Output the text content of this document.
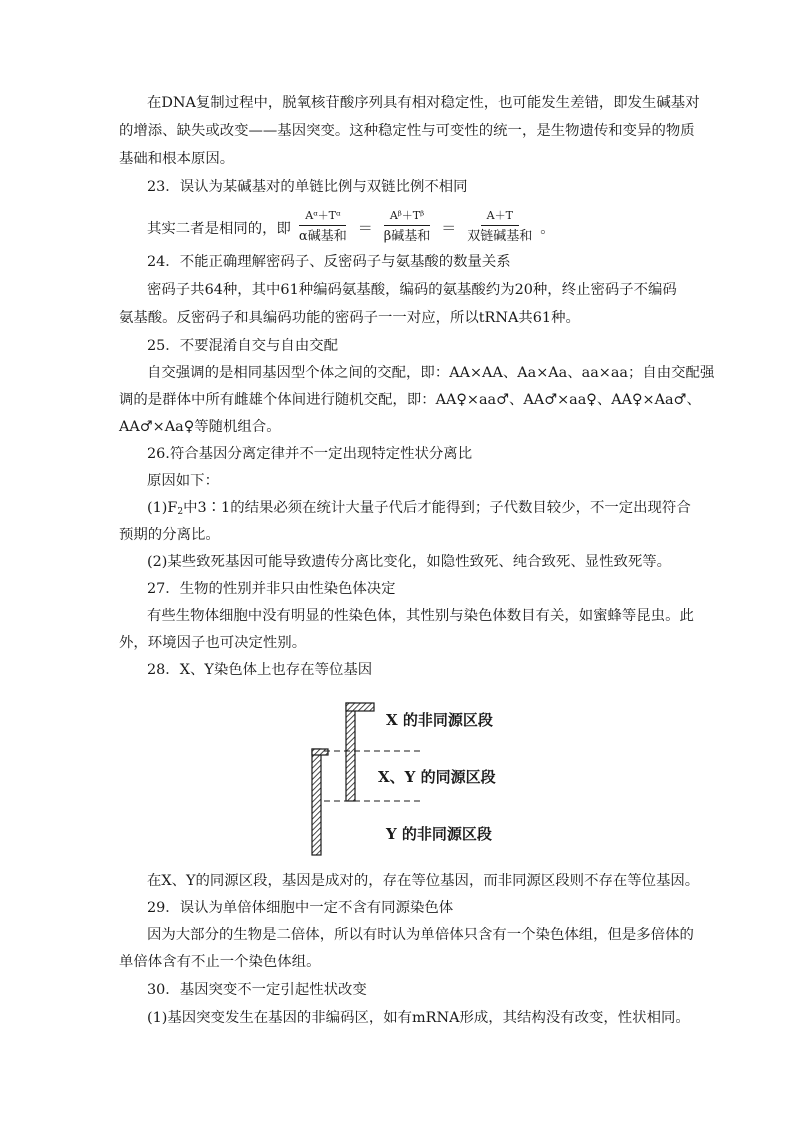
在DNA复制过程中，脱氧核苷酸序列具有相对稳定性，也可能发生差错，即发生碱基对
的增添、缺失或改变——基因突变。这种稳定性与可变性的统一，是生物遗传和变异的物质
基础和根本原因。
23．误认为某碱基对的单链比例与双链比例不相同
其实二者是相同的，即 $\frac{\text{Aᵅ＋Tᵅ}}{\text{α碱基和}} = \frac{\text{Aᵝ＋Tᵝ}}{\text{β碱基和}} = \frac{A+T}{\text{双链碱基和}}$ 。
24．不能正确理解密码子、反密码子与氨基酸的数量关系
密码子共64种，其中61种编码氨基酸，编码的氨基酸约为20种，终止密码子不编码
氨基酸。反密码子和具编码功能的密码子一一对应，所以tRNA共61种。
25．不要混淆自交与自由交配
自交强调的是相同基因型个体之间的交配，即：AA×AA、Aa×Aa、aa×aa；自由交配强
调的是群体中所有雌雄个体间进行随机交配，即：AA♀×aa♂、AA♂×aa♀、AA♀×Aa♂、
AA♂×Aa♀等随机组合。
26.符合基因分离定律并不一定出现特定性状分离比
原因如下：
$(1)F_2$中3∶1的结果必须在统计大量子代后才能得到；子代数目较少，不一定出现符合
预期的分离比。
(2)某些致死基因可能导致遗传分离比变化，如隐性致死、纯合致死、显性致死等。
27．生物的性别并非只由性染色体决定
有些生物体细胞中没有明显的性染色体，其性别与染色体数目有关，如蜜蜂等昆虫。此
外，环境因子也可决定性别。
28．X、Y染色体上也存在等位基因
X 的非同源区段
X、Y 的同源区段
Y 的非同源区段
在X、Y的同源区段，基因是成对的，存在等位基因，而非同源区段则不存在等位基因。
29．误认为单倍体细胞中一定不含有同源染色体
因为大部分的生物是二倍体，所以有时认为单倍体只含有一个染色体组，但是多倍体的
单倍体含有不止一个染色体组。
30．基因突变不一定引起性状改变
(1)基因突变发生在基因的非编码区，如有mRNA形成，其结构没有改变，性状相同。
